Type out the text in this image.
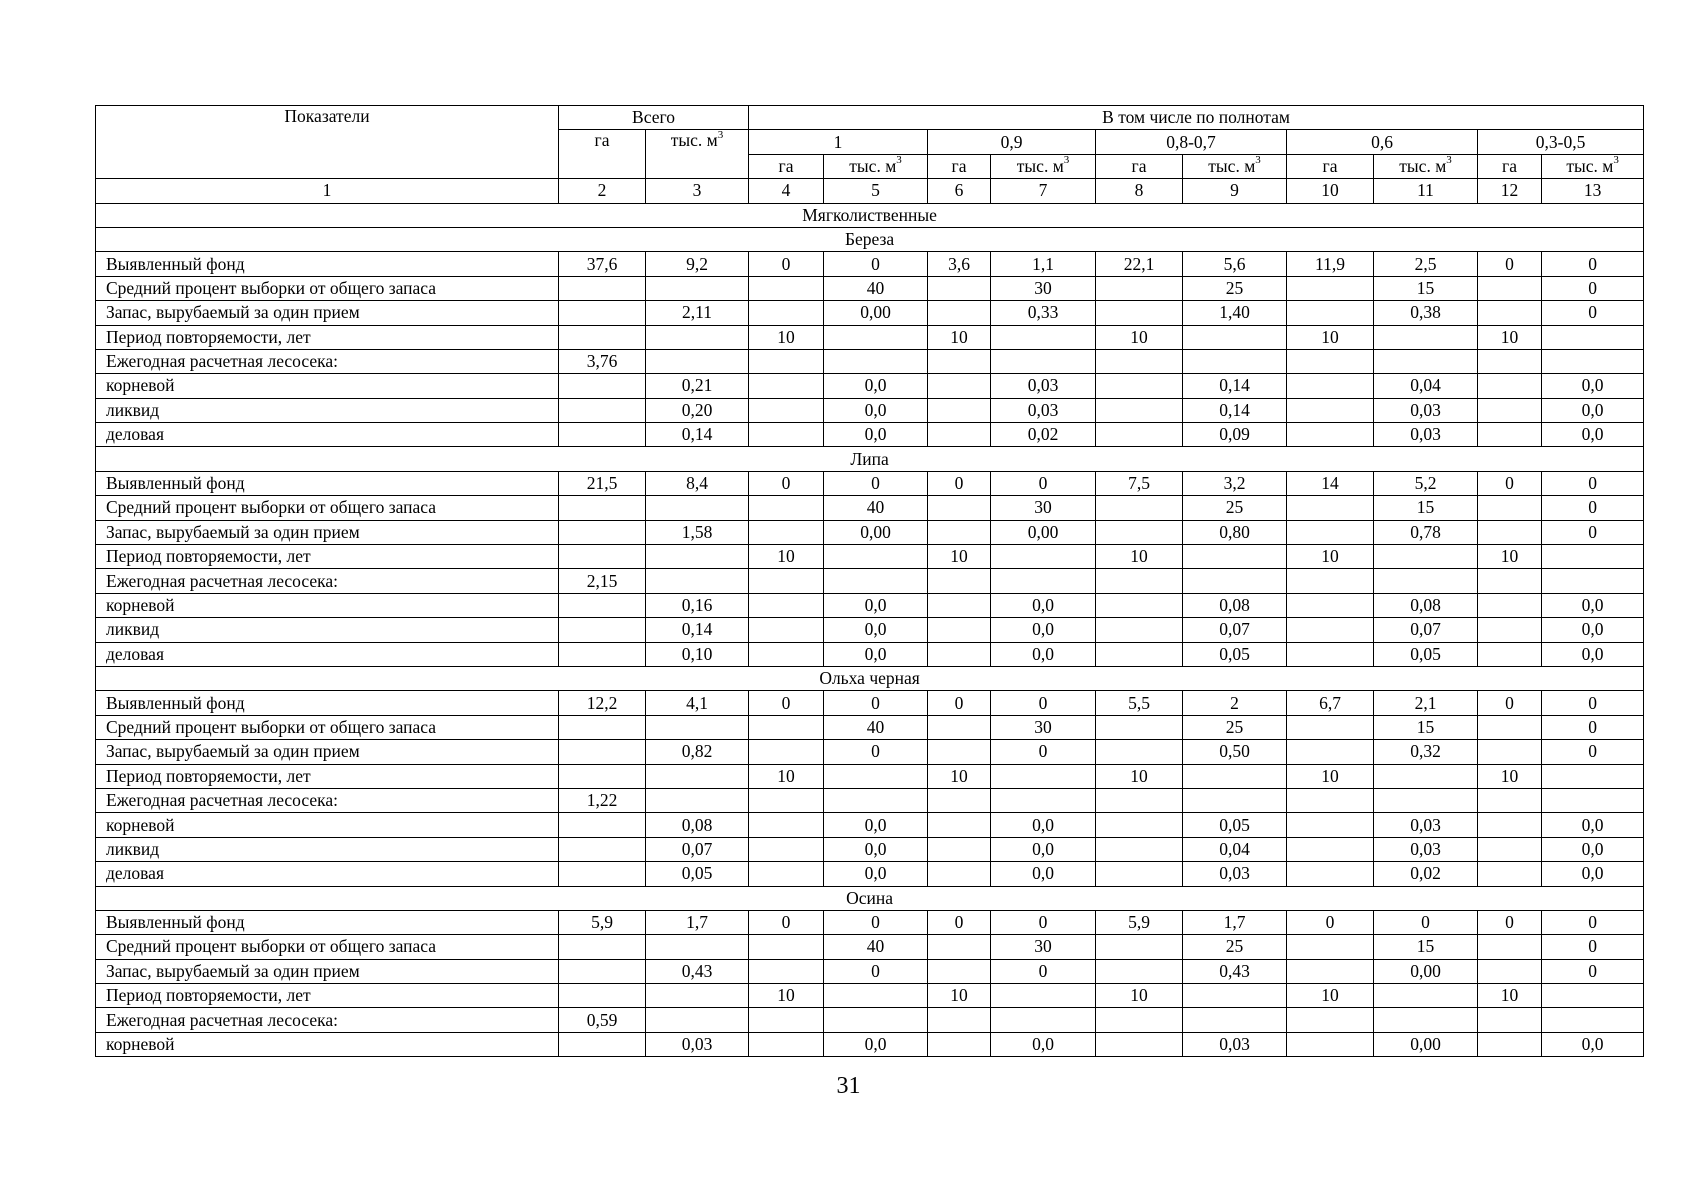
Показатели	Всего		В том числе по полнотам									
	га	тыс. $м^3$	1		0,9		0,8-0,7		0,6		0,3-0,5	
			га	тыс. $м^3$	га	тыс. $м^3$	га	тыс. $м^3$	га	тыс. $м^3$	га	тыс. $м^3$
1	2	3	4	5	6	7	8	9	10	11	12	13
Мягколиственные												
Береза												
Выявленный фонд	37,6	9,2	0	0	3,6	1,1	22,1	5,6	11,9	2,5	0	0
Средний процент выборки от общего запаса				40		30		25		15		0
Запас, вырубаемый за один прием		2,11		0,00		0,33		1,40		0,38		0
Период повторяемости, лет			10		10		10		10		10	
Ежегодная расчетная лесосека:	3,76											
корневой		0,21		0,0		0,03		0,14		0,04		0,0
ликвид		0,20		0,0		0,03		0,14		0,03		0,0
деловая		0,14		0,0		0,02		0,09		0,03		0,0
Липа												
Выявленный фонд	21,5	8,4	0	0	0	0	7,5	3,2	14	5,2	0	0
Средний процент выборки от общего запаса				40		30		25		15		0
Запас, вырубаемый за один прием		1,58		0,00		0,00		0,80		0,78		0
Период повторяемости, лет			10		10		10		10		10	
Ежегодная расчетная лесосека:	2,15											
корневой		0,16		0,0		0,0		0,08		0,08		0,0
ликвид		0,14		0,0		0,0		0,07		0,07		0,0
деловая		0,10		0,0		0,0		0,05		0,05		0,0
Ольха черная												
Выявленный фонд	12,2	4,1	0	0	0	0	5,5	2	6,7	2,1	0	0
Средний процент выборки от общего запаса				40		30		25		15		0
Запас, вырубаемый за один прием		0,82		0		0		0,50		0,32		0
Период повторяемости, лет			10		10		10		10		10	
Ежегодная расчетная лесосека:	1,22											
корневой		0,08		0,0		0,0		0,05		0,03		0,0
ликвид		0,07		0,0		0,0		0,04		0,03		0,0
деловая		0,05		0,0		0,0		0,03		0,02		0,0
Осина												
Выявленный фонд	5,9	1,7	0	0	0	0	5,9	1,7	0	0	0	0
Средний процент выборки от общего запаса				40		30		25		15		0
Запас, вырубаемый за один прием		0,43		0		0		0,43		0,00		0
Период повторяемости, лет			10		10		10		10		10	
Ежегодная расчетная лесосека:	0,59											
корневой		0,03		0,0		0,0		0,03		0,00		0,0
31
